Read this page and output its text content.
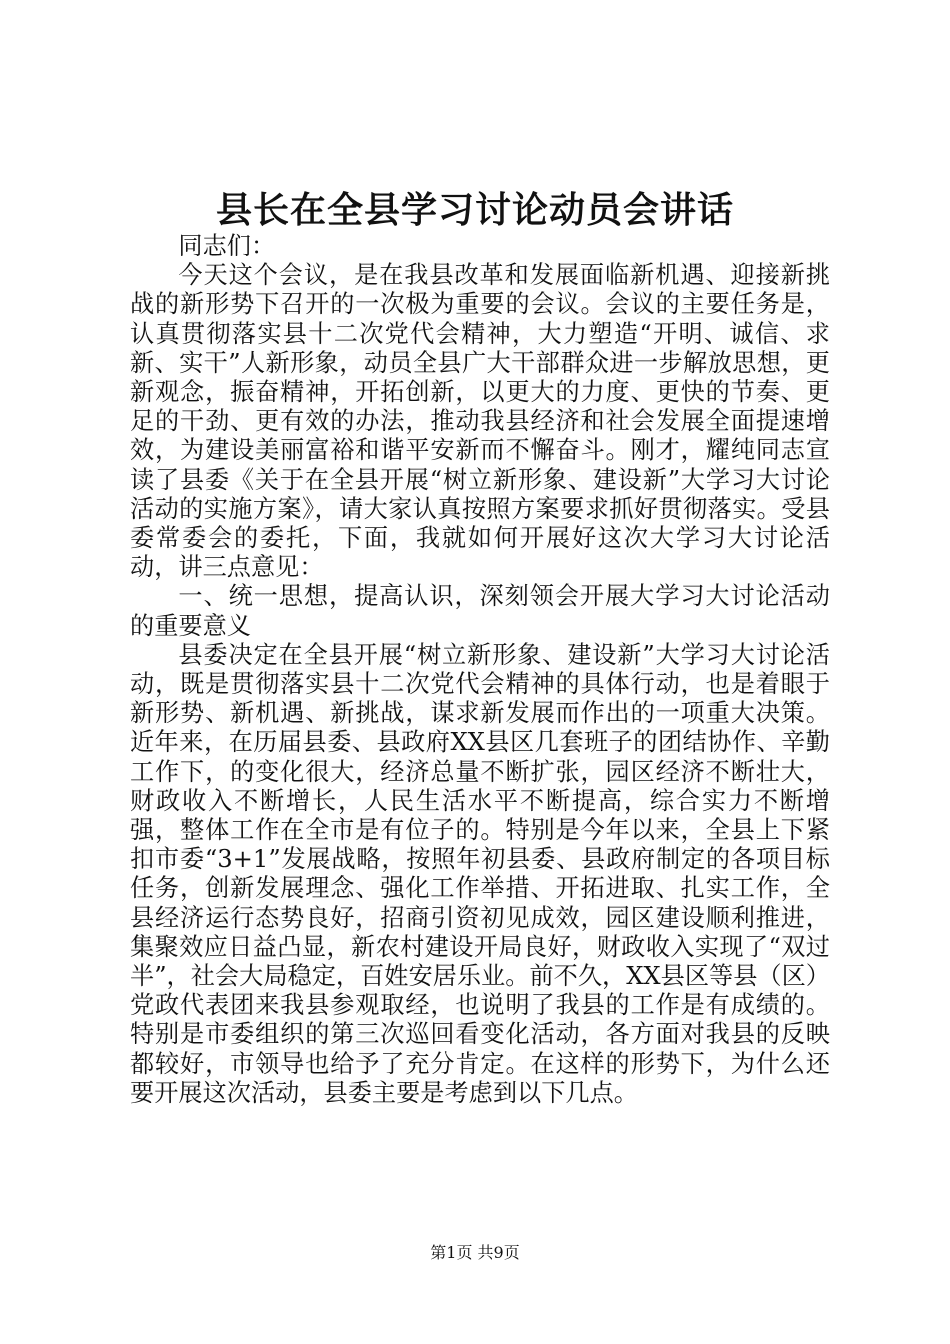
县长在全县学习讨论动员会讲话

同志们：

今天这个会议，是在我县改革和发展面临新机遇、迎接新挑战的新形势下召开的一次极为重要的会议。会议的主要任务是，认真贯彻落实县十二次党代会精神，大力塑造“开明、诚信、求新、实干”人新形象，动员全县广大干部群众进一步解放思想，更新观念，振奋精神，开拓创新，以更大的力度、更快的节奏、更足的干劲、更有效的办法，推动我县经济和社会发展全面提速增效，为建设美丽富裕和谐平安新而不懈奋斗。刚才，耀纯同志宣读了县委《关于在全县开展“树立新形象、建设新”大学习大讨论活动的实施方案》，请大家认真按照方案要求抓好贯彻落实。受县委常委会的委托，下面，我就如何开展好这次大学习大讨论活动，讲三点意见：

一、统一思想，提高认识，深刻领会开展大学习大讨论活动的重要意义

县委决定在全县开展“树立新形象、建设新”大学习大讨论活动，既是贯彻落实县十二次党代会精神的具体行动，也是着眼于新形势、新机遇、新挑战，谋求新发展而作出的一项重大决策。近年来，在历届县委、县政府XX县区几套班子的团结协作、辛勤工作下，的变化很大，经济总量不断扩张，园区经济不断壮大，财政收入不断增长，人民生活水平不断提高，综合实力不断增强，整体工作在全市是有位子的。特别是今年以来，全县上下紧扣市委“3+1”发展战略，按照年初县委、县政府制定的各项目标任务，创新发展理念、强化工作举措、开拓进取、扎实工作，全县经济运行态势良好，招商引资初见成效，园区建设顺利推进，集聚效应日益凸显，新农村建设开局良好，财政收入实现了“双过半”，社会大局稳定，百姓安居乐业。前不久，XX县区等县（区）党政代表团来我县参观取经，也说明了我县的工作是有成绩的。特别是市委组织的第三次巡回看变化活动，各方面对我县的反映都较好，市领导也给予了充分肯定。在这样的形势下，为什么还要开展这次活动，县委主要是考虑到以下几点。

第1页 共9页
